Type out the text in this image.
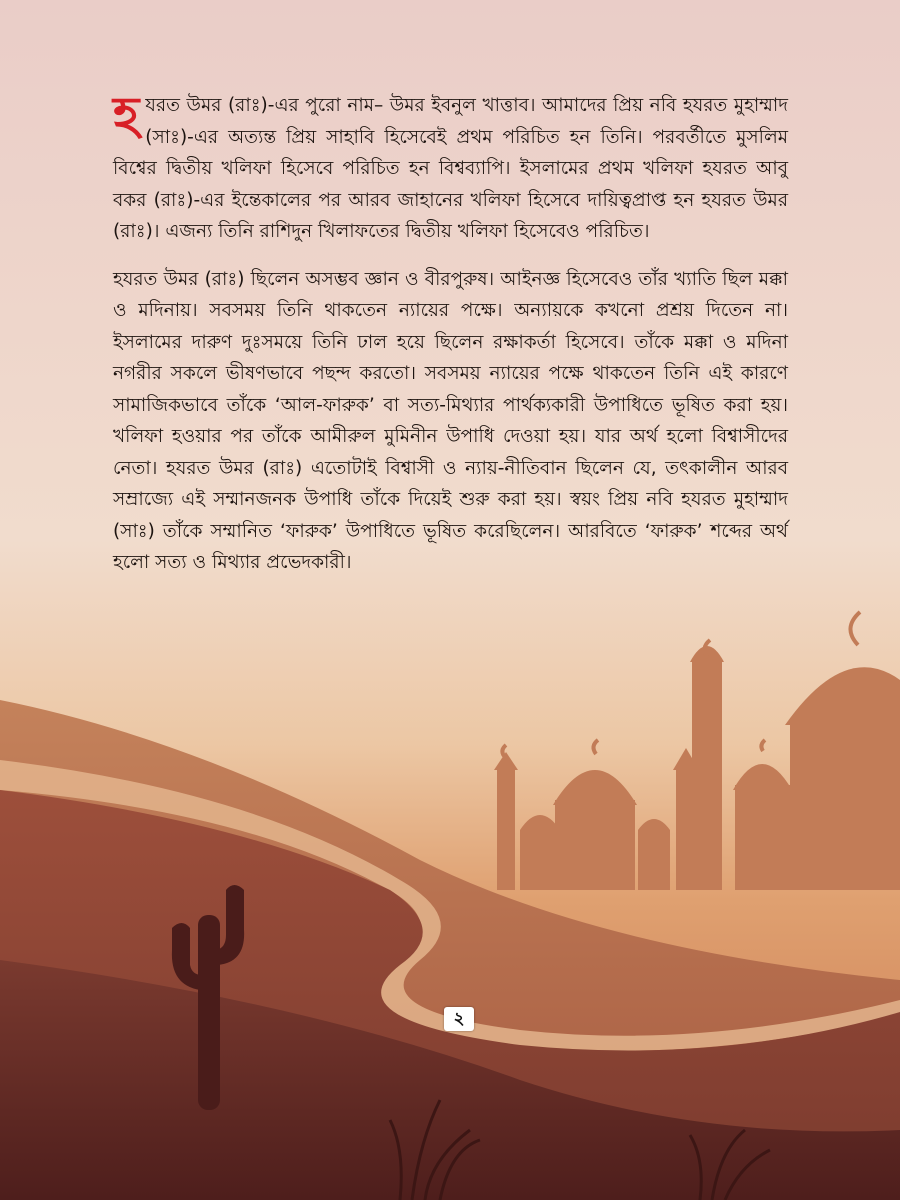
হযরত উমর (রাঃ)-এর পুরো নাম– উমর ইবনুল খাত্তাব। আমাদের প্রিয় নবি হযরত মুহাম্মাদ (সাঃ)-এর অত্যন্ত প্রিয় সাহাবি হিসেবেই প্রথম পরিচিত হন তিনি। পরবর্তীতে মুসলিম বিশ্বের দ্বিতীয় খলিফা হিসেবে পরিচিত হন বিশ্বব্যাপি। ইসলামের প্রথম খলিফা হযরত আবু বকর (রাঃ)-এর ইন্তেকালের পর আরব জাহানের খলিফা হিসেবে দায়িত্বপ্রাপ্ত হন হযরত উমর (রাঃ)। এজন্য তিনি রাশিদুন খিলাফতের দ্বিতীয় খলিফা হিসেবেও পরিচিত।

হযরত উমর (রাঃ) ছিলেন অসম্ভব জ্ঞান ও বীরপুরুষ। আইনজ্ঞ হিসেবেও তাঁর খ্যাতি ছিল মক্কা ও মদিনায়। সবসময় তিনি থাকতেন ন্যায়ের পক্ষে। অন্যায়কে কখনো প্রশ্রয় দিতেন না। ইসলামের দারুণ দুঃসময়ে তিনি ঢাল হয়ে ছিলেন রক্ষাকর্তা হিসেবে। তাঁকে মক্কা ও মদিনা নগরীর সকলে ভীষণভাবে পছন্দ করতো। সবসময় ন্যায়ের পক্ষে থাকতেন তিনি এই কারণে সামাজিকভাবে তাঁকে ‘আল-ফারুক’ বা সত্য-মিথ্যার পার্থক্যকারী উপাধিতে ভূষিত করা হয়। খলিফা হওয়ার পর তাঁকে আমীরুল মুমিনীন উপাধি দেওয়া হয়। যার অর্থ হলো বিশ্বাসীদের নেতা। হযরত উমর (রাঃ) এতোটাই বিশ্বাসী ও ন্যায়-নীতিবান ছিলেন যে, তৎকালীন আরব সম্রাজ্যে এই সম্মানজনক উপাধি তাঁকে দিয়েই শুরু করা হয়। স্বয়ং প্রিয় নবি হযরত মুহাম্মাদ (সাঃ) তাঁকে সম্মানিত ‘ফারুক’ উপাধিতে ভূষিত করেছিলেন। আরবিতে ‘ফারুক’ শব্দের অর্থ হলো সত্য ও মিথ্যার প্রভেদকারী।

২
